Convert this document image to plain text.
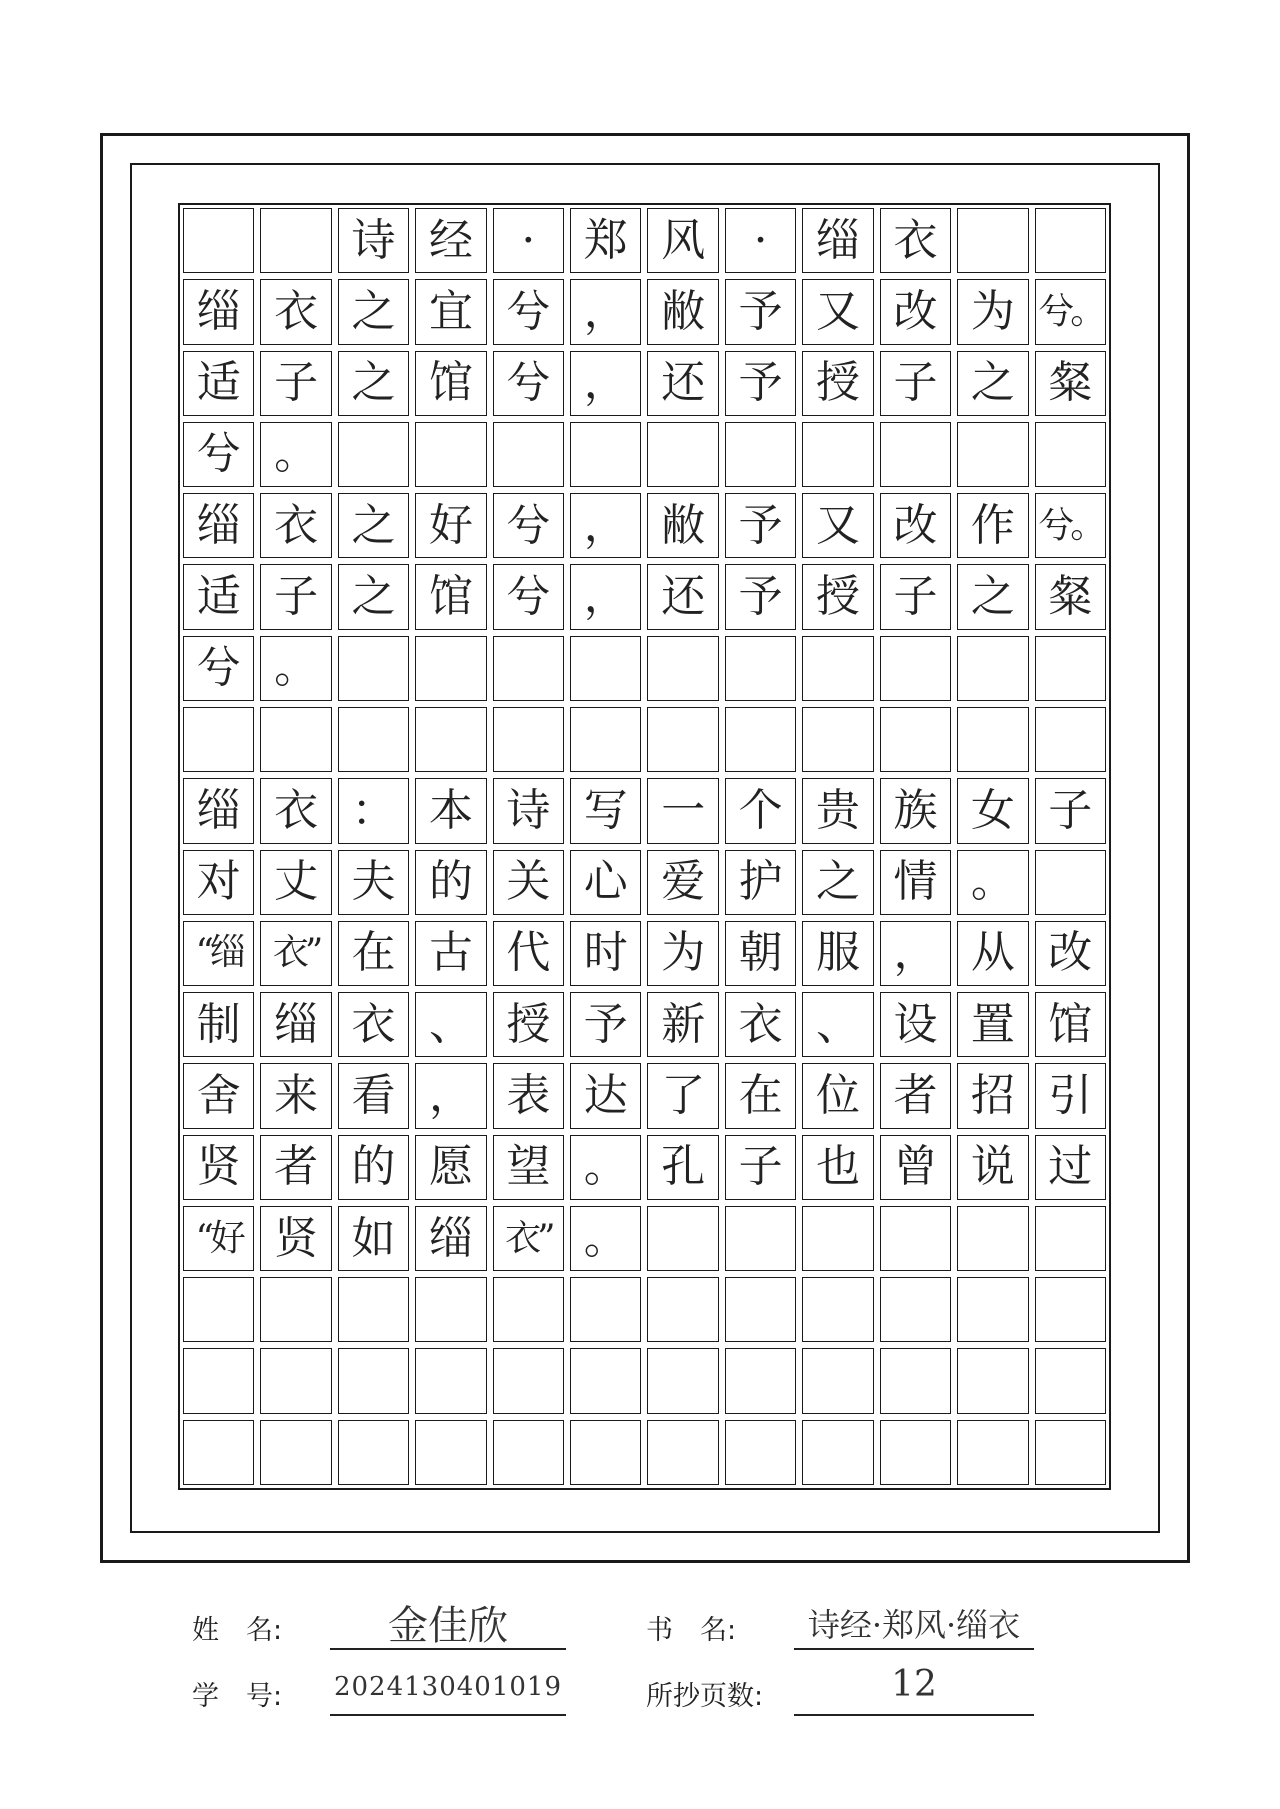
诗 经	·	郑 风	·	缁 衣
缁 衣 之 宜 兮 ， 敝 予 又 改 为 兮。
适 子 之 馆 兮 ， 还 予 授 子 之 粲
兮 。
缁 衣 之 好 兮 ， 敝 予 又 改 作 兮。
适 子 之 馆 兮 ， 还 予 授 子 之 粲
兮 。
缁 衣 ： 本 诗 写 一 个 贵 族 女 子
对 丈 夫 的 关 心 爱 护 之 情 。
“缁 衣” 在 古 代 时 为 朝 服 ， 从 改
制 缁 衣 、 授 予 新 衣 、 设 置 馆
舍 来 看 ， 表 达 了 在 位 者 招 引
贤 者 的 愿 望 。 孔 子 也 曾 说 过
“好 贤 如 缁 衣” 。
姓　名:	金佳欣	书　名:	诗经·郑风·缁衣
学　号: 2024130401019	所抄页数:	12
